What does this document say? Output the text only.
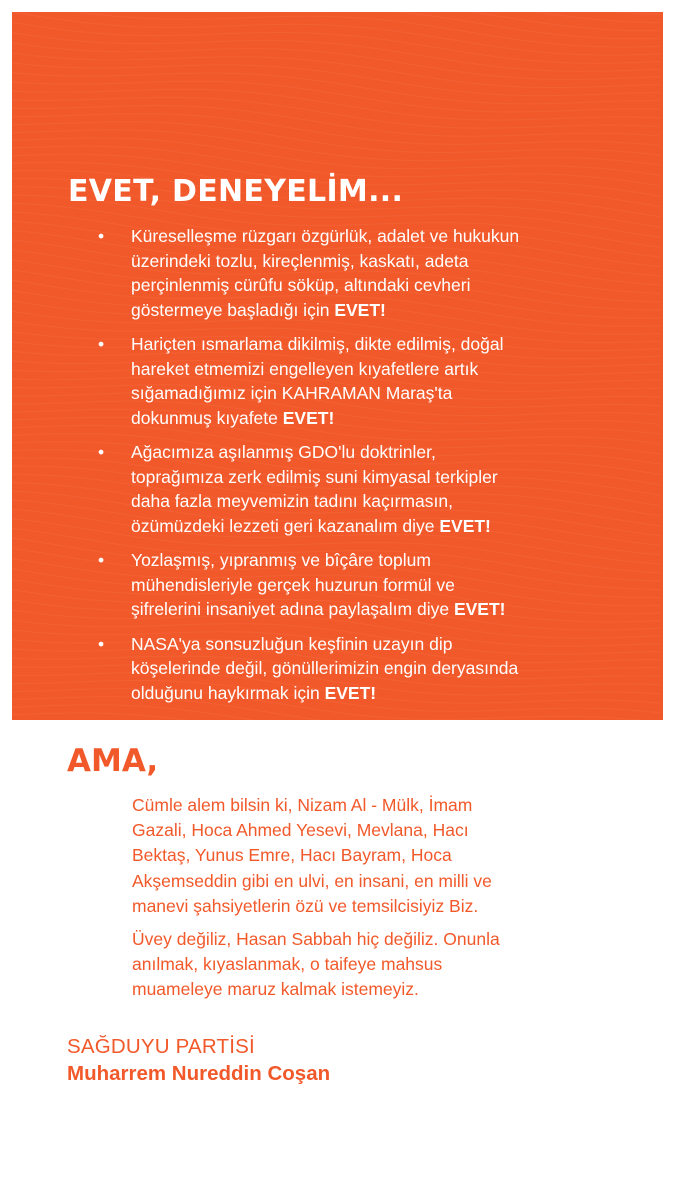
EVET, DENEYELİM...
•	Küreselleşme rüzgarı özgürlük, adalet ve hukukun
üzerindeki tozlu, kireçlenmiş, kaskatı, adeta
perçinlenmiş cürûfu söküp, altındaki cevheri
göstermeye başladığı için EVET!
•	Hariçten ısmarlama dikilmiş, dikte edilmiş, doğal
hareket etmemizi engelleyen kıyafetlere artık
sığamadığımız için KAHRAMAN Maraş'ta
dokunmuş kıyafete EVET!
•	Ağacımıza aşılanmış GDO'lu doktrinler,
toprağımıza zerk edilmiş suni kimyasal terkipler
daha fazla meyvemizin tadını kaçırmasın,
özümüzdeki lezzeti geri kazanalım diye EVET!
•	Yozlaşmış, yıpranmış ve bîçâre toplum
mühendisleriyle gerçek huzurun formül ve
şifrelerini insaniyet adına paylaşalım diye EVET!
•	NASA'ya sonsuzluğun keşfinin uzayın dip
köşelerinde değil, gönüllerimizin engin deryasında
olduğunu haykırmak için EVET!
AMA,

Cümle alem bilsin ki, Nizam Al - Mülk, İmam
Gazali, Hoca Ahmed Yesevi, Mevlana, Hacı
Bektaş, Yunus Emre, Hacı Bayram, Hoca
Akşemseddin gibi en ulvi, en insani, en milli ve
manevi şahsiyetlerin özü ve temsilcisiyiz Biz.

Üvey değiliz, Hasan Sabbah hiç değiliz. Onunla
anılmak, kıyaslanmak, o taifeye mahsus
muameleye maruz kalmak istemeyiz.

SAĞDUYU PARTİSİ

Muharrem Nureddin Coşan
